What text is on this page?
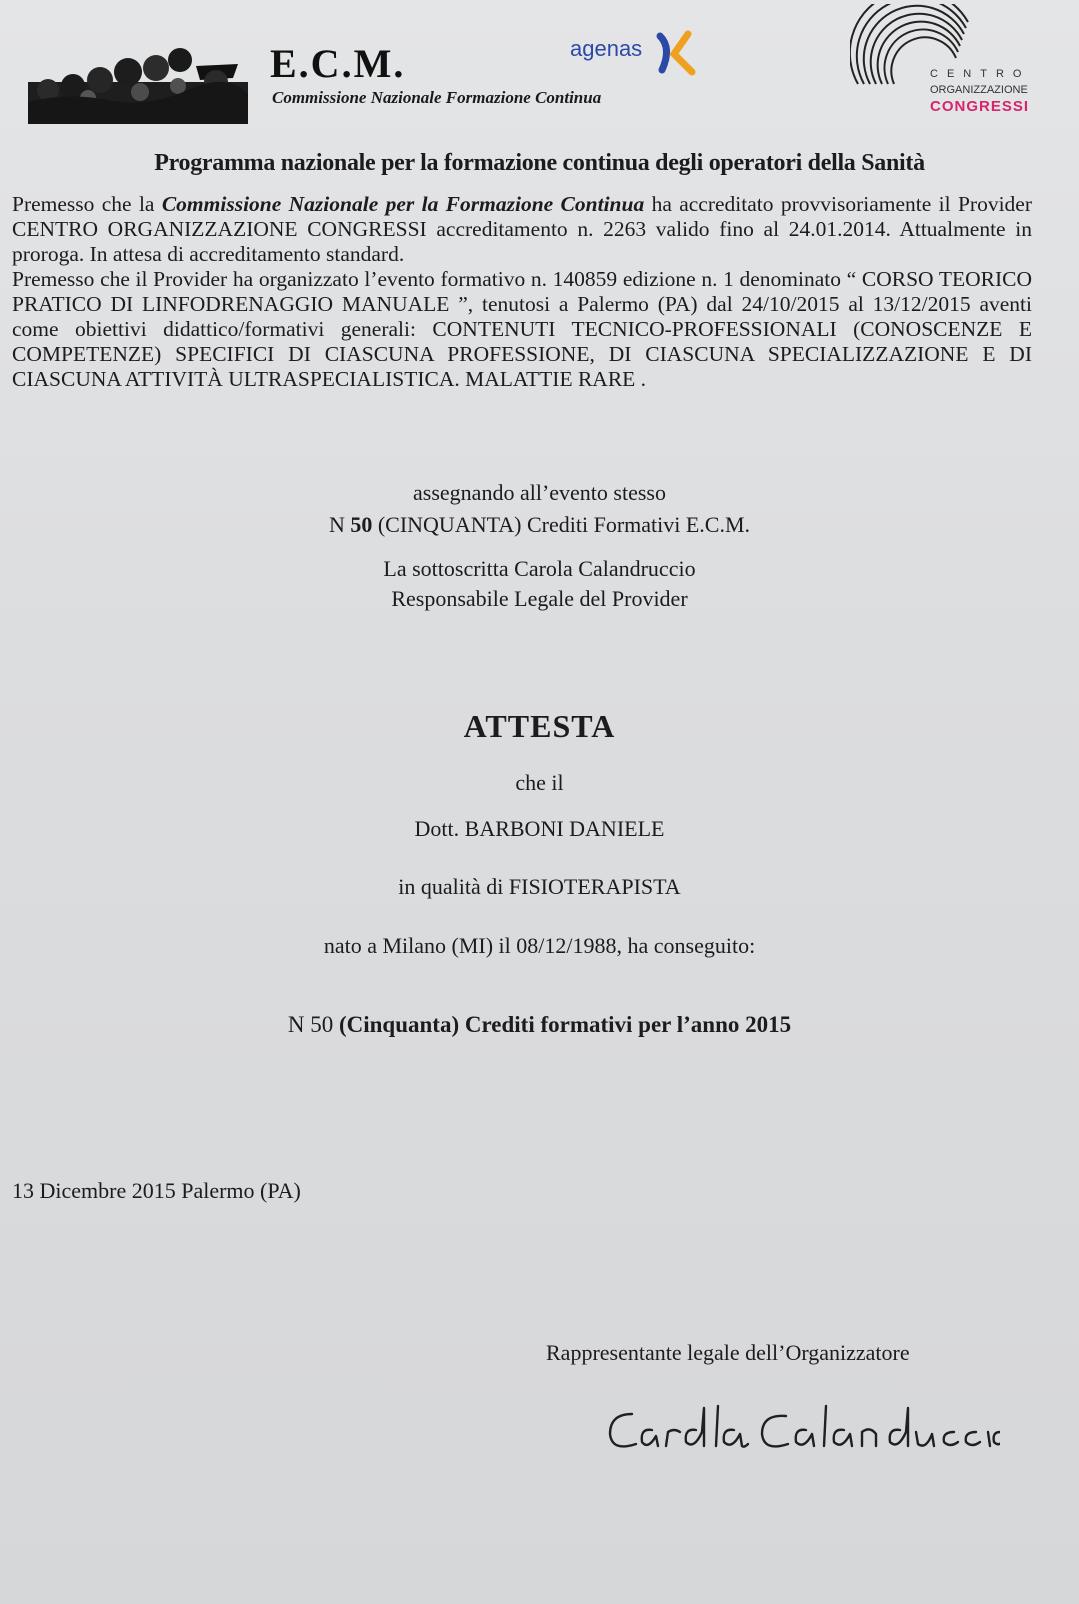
E.C.M.
Commissione Nazionale Formazione Continua
agenas
CENTRO
ORGANIZZAZIONE
CONGRESSI
Programma nazionale per la formazione continua degli operatori della Sanità
Premesso che la Commissione Nazionale per la Formazione Continua ha accreditato provvisoriamente il Provider CENTRO ORGANIZZAZIONE CONGRESSI accreditamento n. 2263 valido fino al 24.01.2014. Attualmente in proroga. In attesa di accreditamento standard.
Premesso che il Provider ha organizzato l’evento formativo n. 140859 edizione n. 1 denominato “ CORSO TEORICO PRATICO DI LINFODRENAGGIO MANUALE ”, tenutosi a Palermo (PA) dal 24/10/2015 al 13/12/2015 aventi come obiettivi didattico/formativi generali: CONTENUTI TECNICO-PROFESSIONALI (CONOSCENZE E COMPETENZE) SPECIFICI DI CIASCUNA PROFESSIONE, DI CIASCUNA SPECIALIZZAZIONE E DI CIASCUNA ATTIVITÀ ULTRASPECIALISTICA. MALATTIE RARE .
assegnando all’evento stesso
N 50 (CINQUANTA) Crediti Formativi E.C.M.
La sottoscritta Carola Calandruccio
Responsabile Legale del Provider
ATTESTA
che il
Dott. BARBONI DANIELE
in qualità di FISIOTERAPISTA
nato a Milano (MI) il 08/12/1988, ha conseguito:
N 50 (Cinquanta) Crediti formativi per l’anno 2015
13 Dicembre 2015 Palermo (PA)
Rappresentante legale dell’Organizzatore
